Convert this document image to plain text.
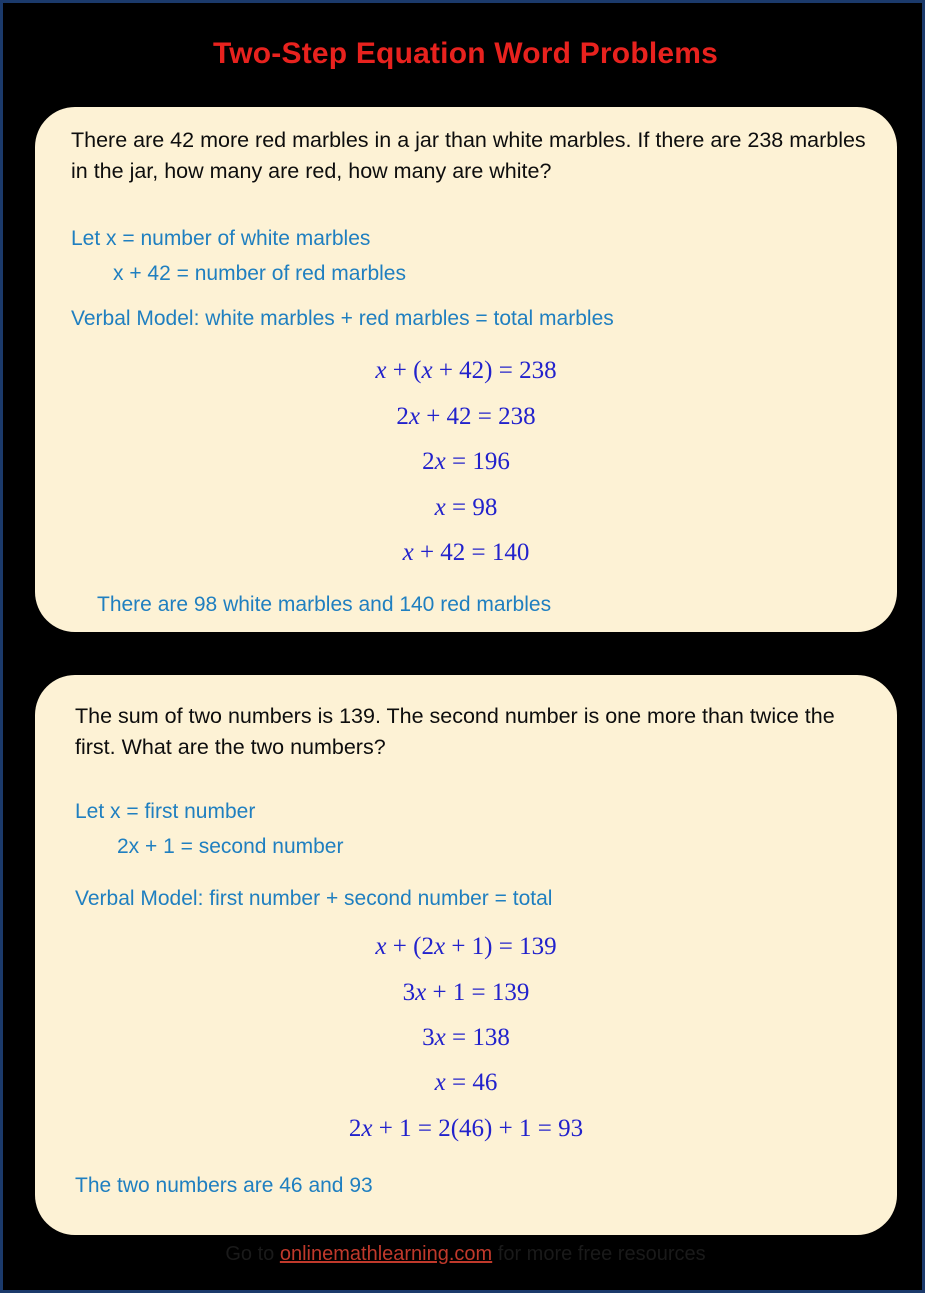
Two-Step Equation Word Problems
There are 42 more red marbles in a jar than white marbles. If there are 238 marbles in the jar, how many are red, how many are white?
Let x = number of white marbles
x + 42 = number of red marbles
Verbal Model: white marbles + red marbles = total marbles
x + (x + 42) = 238
2x + 42 = 238
2x = 196
x = 98
x + 42 = 140
There are 98 white marbles and 140 red marbles
The sum of two numbers is 139. The second number is one more than twice the first. What are the two numbers?
Let x = first number
2x + 1 = second number
Verbal Model: first number + second number = total
x + (2x + 1) = 139
3x + 1 = 139
3x = 138
x = 46
2x + 1 = 2(46) + 1 = 93
The two numbers are 46 and 93
Go to onlinemathlearning.com for more free resources
